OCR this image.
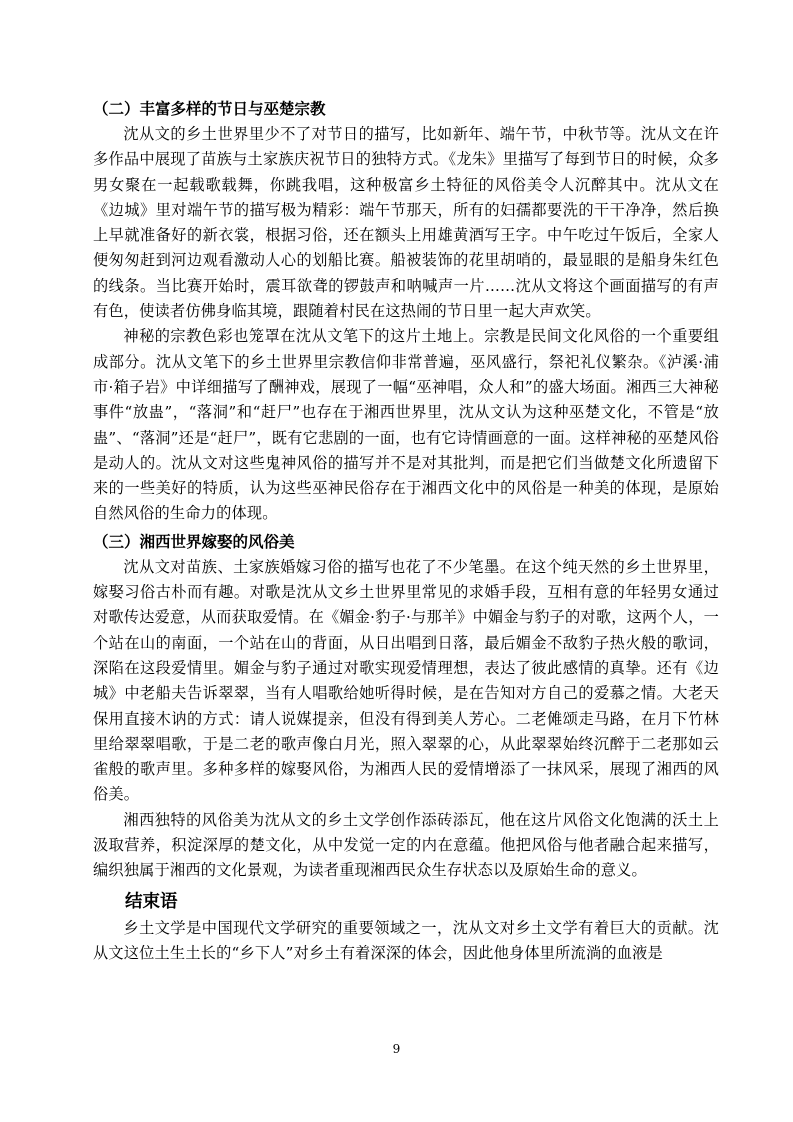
（二）丰富多样的节日与巫楚宗教

沈从文的乡土世界里少不了对节日的描写，比如新年、端午节，中秋节等。沈从文在许多作品中展现了苗族与土家族庆祝节日的独特方式。《龙朱》里描写了每到节日的时候，众多男女聚在一起载歌载舞，你跳我唱，这种极富乡土特征的风俗美令人沉醉其中。沈从文在《边城》里对端午节的描写极为精彩：端午节那天，所有的妇孺都要洗的干干净净，然后换上早就准备好的新衣裳，根据习俗，还在额头上用雄黄酒写王字。中午吃过午饭后，全家人便匆匆赶到河边观看激动人心的划船比赛。船被装饰的花里胡哨的，最显眼的是船身朱红色的线条。当比赛开始时，震耳欲聋的锣鼓声和呐喊声一片......沈从文将这个画面描写的有声有色，使读者仿佛身临其境，跟随着村民在这热闹的节日里一起大声欢笑。

神秘的宗教色彩也笼罩在沈从文笔下的这片土地上。宗教是民间文化风俗的一个重要组成部分。沈从文笔下的乡土世界里宗教信仰非常普遍，巫风盛行，祭祀礼仪繁杂。《泸溪·浦市·箱子岩》中详细描写了酬神戏，展现了一幅“巫神唱，众人和”的盛大场面。湘西三大神秘事件“放蛊”，“落洞”和“赶尸”也存在于湘西世界里，沈从文认为这种巫楚文化，不管是“放蛊”、“落洞”还是“赶尸”，既有它悲剧的一面，也有它诗情画意的一面。这样神秘的巫楚风俗是动人的。沈从文对这些鬼神风俗的描写并不是对其批判，而是把它们当做楚文化所遗留下来的一些美好的特质，认为这些巫神民俗存在于湘西文化中的风俗是一种美的体现，是原始自然风俗的生命力的体现。

（三）湘西世界嫁娶的风俗美

沈从文对苗族、土家族婚嫁习俗的描写也花了不少笔墨。在这个纯天然的乡土世界里，嫁娶习俗古朴而有趣。对歌是沈从文乡土世界里常见的求婚手段，互相有意的年轻男女通过对歌传达爱意，从而获取爱情。在《媚金·豹子·与那羊》中媚金与豹子的对歌，这两个人，一个站在山的南面，一个站在山的背面，从日出唱到日落，最后媚金不敌豹子热火般的歌词，深陷在这段爱情里。媚金与豹子通过对歌实现爱情理想，表达了彼此感情的真挚。还有《边城》中老船夫告诉翠翠，当有人唱歌给她听得时候，是在告知对方自己的爱慕之情。大老天保用直接木讷的方式：请人说媒提亲，但没有得到美人芳心。二老傩颂走马路，在月下竹林里给翠翠唱歌，于是二老的歌声像白月光，照入翠翠的心，从此翠翠始终沉醉于二老那如云雀般的歌声里。多种多样的嫁娶风俗，为湘西人民的爱情增添了一抹风采，展现了湘西的风俗美。

湘西独特的风俗美为沈从文的乡土文学创作添砖添瓦，他在这片风俗文化饱满的沃土上汲取营养，积淀深厚的楚文化，从中发觉一定的内在意蕴。他把风俗与他者融合起来描写，编织独属于湘西的文化景观，为读者重现湘西民众生存状态以及原始生命的意义。

结束语

乡土文学是中国现代文学研究的重要领域之一，沈从文对乡土文学有着巨大的贡献。沈从文这位土生土长的“乡下人”对乡土有着深深的体会，因此他身体里所流淌的血液是

9
